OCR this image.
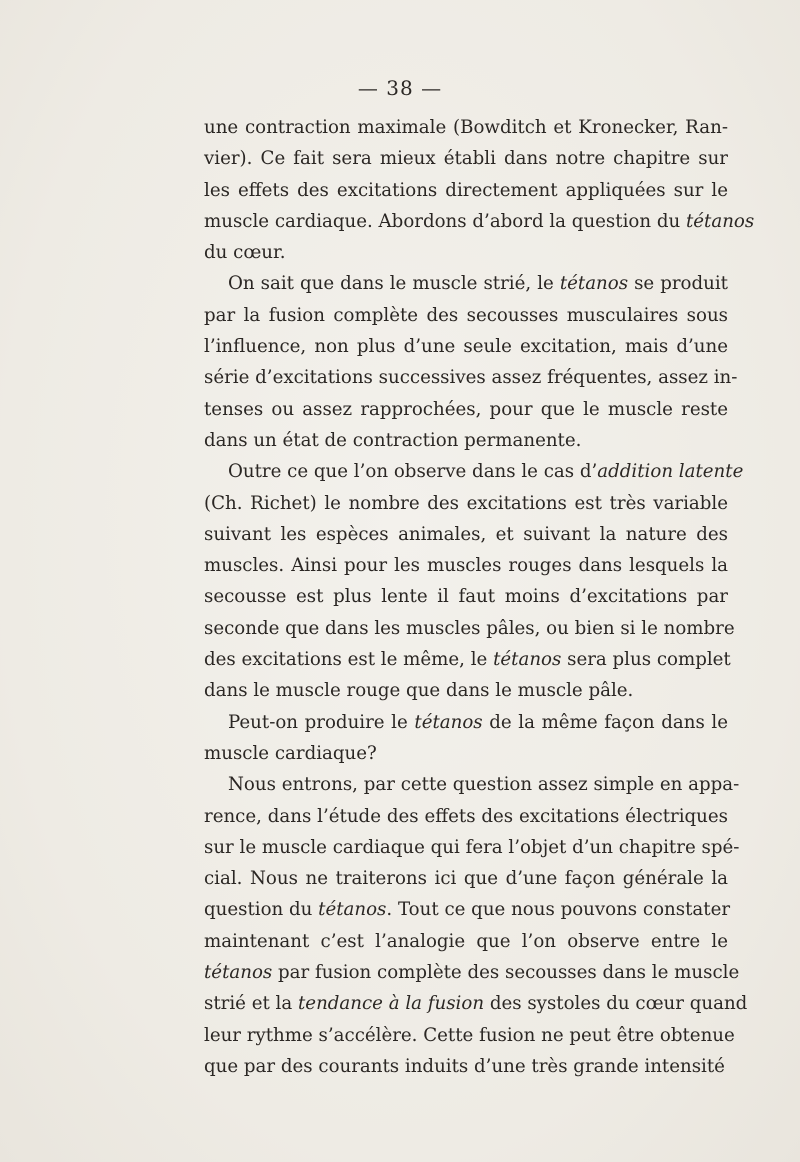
— 38 —
une contraction maximale (Bowditch et Kronecker, Ran-
vier). Ce fait sera mieux établi dans notre chapitre sur
les effets des excitations directement appliquées sur le
muscle cardiaque. Abordons d’abord la question du tétanos
du cœur.
On sait que dans le muscle strié, le tétanos se produit
par la fusion complète des secousses musculaires sous
l’influence, non plus d’une seule excitation, mais d’une
série d’excitations successives assez fréquentes, assez in-
tenses ou assez rapprochées, pour que le muscle reste
dans un état de contraction permanente.
Outre ce que l’on observe dans le cas d’addition latente
(Ch. Richet) le nombre des excitations est très variable
suivant les espèces animales, et suivant la nature des
muscles. Ainsi pour les muscles rouges dans lesquels la
secousse est plus lente il faut moins d’excitations par
seconde que dans les muscles pâles, ou bien si le nombre
des excitations est le même, le tétanos sera plus complet
dans le muscle rouge que dans le muscle pâle.
Peut-on produire le tétanos de la même façon dans le
muscle cardiaque?
Nous entrons, par cette question assez simple en appa-
rence, dans l’étude des effets des excitations électriques
sur le muscle cardiaque qui fera l’objet d’un chapitre spé-
cial. Nous ne traiterons ici que d’une façon générale la
question du tétanos. Tout ce que nous pouvons constater
maintenant c’est l’analogie que l’on observe entre le
tétanos par fusion complète des secousses dans le muscle
strié et la tendance à la fusion des systoles du cœur quand
leur rythme s’accélère. Cette fusion ne peut être obtenue
que par des courants induits d’une très grande intensité
